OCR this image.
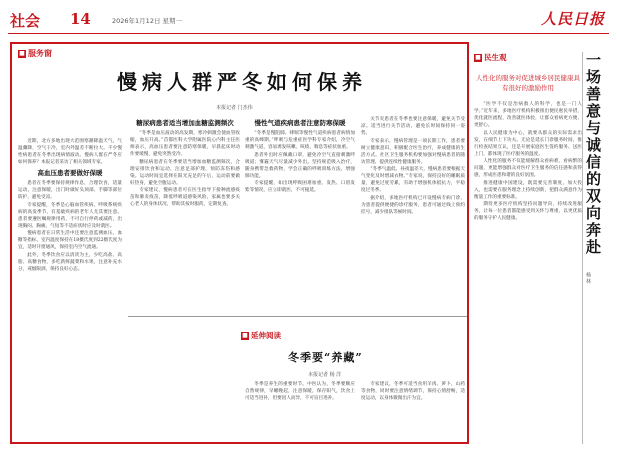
社会 14	2026年1月12日 星期一	人民日报
■ 服务窗
慢病人群严冬如何保养
本报记者 门杰伟

近期，北方多地出现大范围寒潮降温天气，气温骤降，空气干冷，室内外温差不断拉大。不少慢性病患者在冬季出现病情波动。慢病人群在严冬应如何保养？本报记者采访了相关领域专家。

高血压患者要做好保暖

患者在冬季要保持规律作息，合理饮食，适量运动，注意保暖，出门时做好头颈部、手脚等部位防护，避免受凉。

专家提醒，冬季是心脑血管疾病、呼吸系统疾病的高发季节，有基础疾病的老年人尤其要注意。患者要遵医嘱规律用药，不可自行停药或减药，出现胸闷、胸痛、气短等不适症状时应及时就医。

慢病患者在日常生活中还要注意监测血压、血糖等指标，室内温度保持在18摄氏度到22摄氏度为宜，适时开窗通风，保持室内空气流通。

此外，冬季饮食应以清淡为主，少吃高盐、高脂、高糖食物，多吃新鲜蔬菜和水果，注意补充水分，戒烟限酒，保持良好心态。

糖尿病患者适当增加血糖监测频次

“冬季是血压波动的高发期，寒冷刺激会使血管收缩，血压升高。”首都医科大学附属医院心内科主任医师表示，高血压患者要注意防寒保暖，早晨起床时动作要缓慢，避免突然受冷。

糖尿病患者在冬季要适当增加血糖监测频次，合理安排饮食和运动，注意足部护理，预防冻伤和感染。运动时间宜选择在阳光充足的午后，运动前要做好热身，避免空腹运动。

专家建议，慢病患者可在医生指导下接种流感疫苗和肺炎疫苗，降低呼吸道感染风险。家属也要多关心老人的身体状况，帮助其按时服药、定期复查。

慢性气道疾病患者注意防寒保暖

“冬季是慢阻肺、哮喘等慢性气道疾病患者病情加重的高峰期。”呼吸与危重症医学科专家介绍，冷空气刺激气道，容易诱发咳嗽、咳痰、喘息等症状加重。

患者外出时应佩戴口罩，避免冷空气直接刺激呼吸道；雾霾天气尽量减少外出。坚持规范吸入治疗，随身携带急救药物，学会正确的呼吸训练方法，增强肺功能。

专家提醒，如出现呼吸困难加重、发热、口唇发紫等情况，应立即就医，不可拖延。

关节炎患者在冬季也要注意保暖，避免关节受凉。适当进行关节活动，避免长时间保持同一姿势。

专家表示，慢病管理是一项长期工作，患者要树立健康意识，积极配合医生治疗，养成健康的生活方式。社区卫生服务机构要加强对慢病患者的随访管理，提供连续性健康服务。

“冬季气温低、昼夜温差大，慢病患者要根据天气变化及时增减衣物。”专家说，保持良好的睡眠质量，避免过度劳累，有助于增强机体抵抗力，平稳度过冬季。

据介绍，多地医疗机构已开设慢病专病门诊，为患者提供便捷的诊疗服务，患者可通过线上预约挂号，减少排队等候时间。

■ 延伸阅读
冬季要“养藏”
本报记者 杨 洋

冬季是养生的重要时节。中医认为，冬季要顺应自然规律，早睡晚起，注意保暖，保存阳气，饮食上可适当进补，但要因人而异，不可盲目进补。

专家建议，冬季可适当食用羊肉、萝卜、山药等食物，同时要注意情绪调节，保持心情舒畅，适度运动，以身体微微出汗为宜。

■ 民生观
人性化的服务对促进城乡居民健康具有很好的激励作用

“医学不仅是治病救人的科学，也是一门人学。”近年来，多地医疗机构积极推出便民惠民举措，优化就医流程，改善就医体验，让群众看病更方便、更舒心。

以人民健康为中心，就要从群众的实际需求出发，在细节上下功夫。无论是延长门诊服务时间、推行检查结果互认，还是开展家庭医生签约服务、送医上门，都体现了医疗服务的温度。

人性化的服务不仅能缓解群众看病难、看病繁的问题，更能增强群众对医疗卫生服务的信任感和获得感，形成医患和谐的良好氛围。

推进健康中国建设，既需要完善制度、加大投入，也需要在服务理念上持续创新，把群众满意作为衡量工作的重要标准。

期待更多医疗机构坚持问题导向，持续改进服务，让每一位患者都能感受到关怀与尊重，以更优质的服务守护人民健康。	一场善意与诚信的双向奔赴
杨 林
